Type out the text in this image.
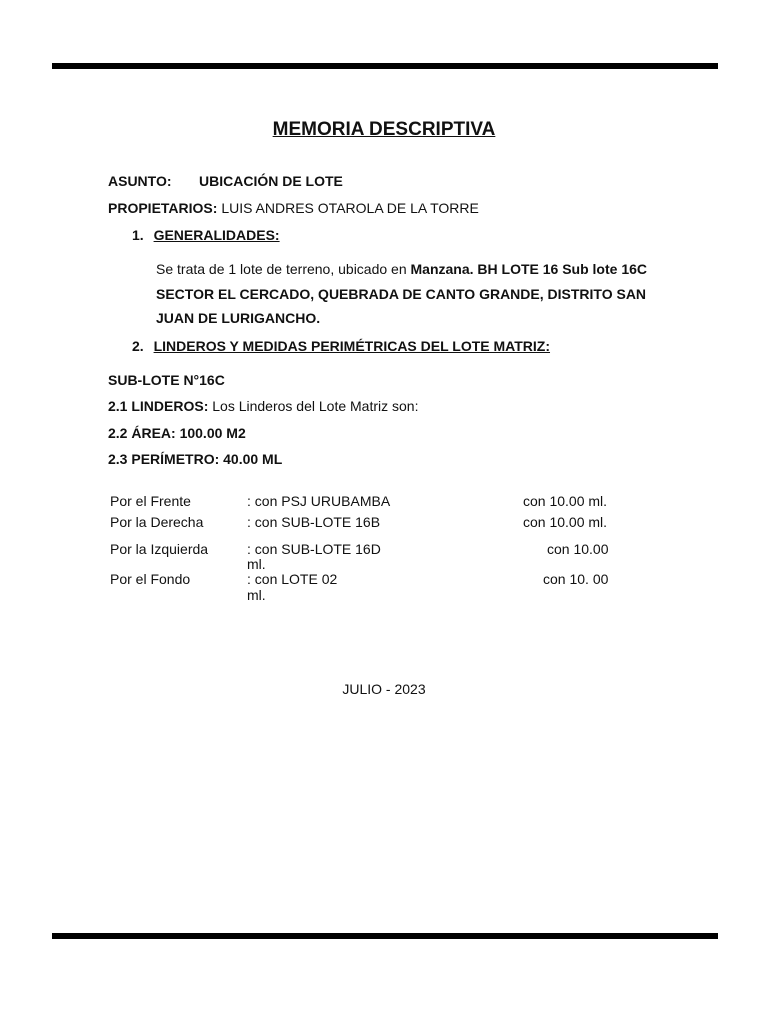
MEMORIA DESCRIPTIVA
ASUNTO: UBICACIÓN DE LOTE
PROPIETARIOS: LUIS ANDRES OTAROLA DE LA TORRE
1. GENERALIDADES:
Se trata de 1 lote de terreno, ubicado en Manzana. BH LOTE 16 Sub lote 16C
SECTOR EL CERCADO, QUEBRADA DE CANTO GRANDE, DISTRITO SAN
JUAN DE LURIGANCHO.
2. LINDEROS Y MEDIDAS PERIMÉTRICAS DEL LOTE MATRIZ:
SUB-LOTE N°16C
2.1 LINDEROS: Los Linderos del Lote Matriz son:
2.2 ÁREA: 100.00 M2
2.3 PERÍMETRO: 40.00 ML
Por el Frente	: con PSJ URUBAMBA	con 10.00 ml.
Por la Derecha	: con SUB-LOTE 16B	con 10.00 ml.
Por la Izquierda	: con SUB-LOTE 16D	con 10.00
ml.
Por el Fondo	: con LOTE 02	con 10. 00
ml.
JULIO - 2023
